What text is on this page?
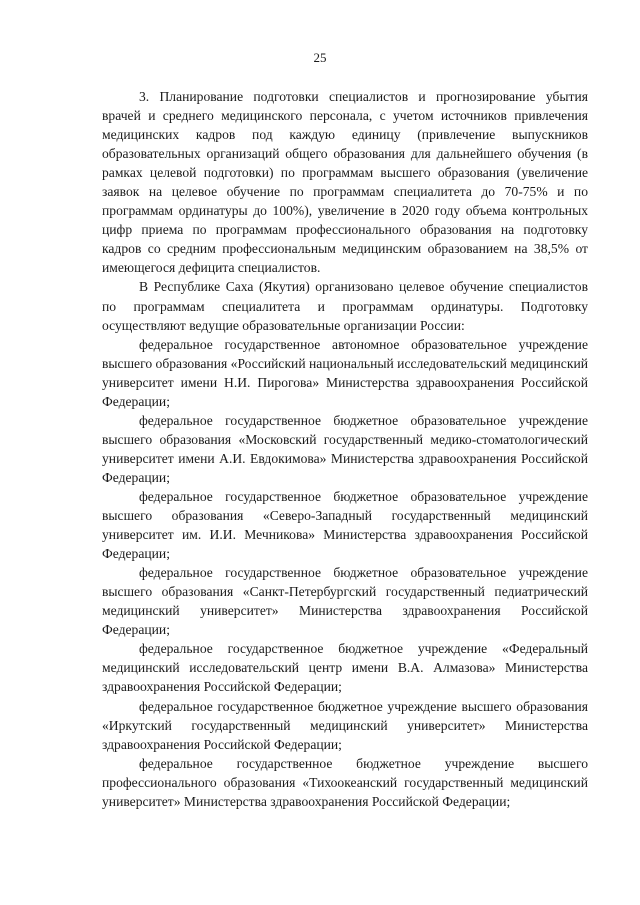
25

3. Планирование подготовки специалистов и прогнозирование убытия врачей и среднего медицинского персонала, с учетом источников привлечения медицинских кадров под каждую единицу (привлечение выпускников образовательных организаций общего образования для дальнейшего обучения (в рамках целевой подготовки) по программам высшего образования (увеличение заявок на целевое обучение по программам специалитета до 70-75% и по программам ординатуры до 100%), увеличение в 2020 году объема контрольных цифр приема по программам профессионального образования на подготовку кадров со средним профессиональным медицинским образованием на 38,5% от имеющегося дефицита специалистов.

В Республике Саха (Якутия) организовано целевое обучение специалистов по программам специалитета и программам ординатуры. Подготовку осуществляют ведущие образовательные организации России:

федеральное государственное автономное образовательное учреждение высшего образования «Российский национальный исследовательский медицинский университет имени Н.И. Пирогова» Министерства здравоохранения Российской Федерации;

федеральное государственное бюджетное образовательное учреждение высшего образования «Московский государственный медико-стоматологический университет имени А.И. Евдокимова» Министерства здравоохранения Российской Федерации;

федеральное государственное бюджетное образовательное учреждение высшего образования «Северо-Западный государственный медицинский университет им. И.И. Мечникова» Министерства здравоохранения Российской Федерации;

федеральное государственное бюджетное образовательное учреждение высшего образования «Санкт-Петербургский государственный педиатрический медицинский университет» Министерства здравоохранения Российской Федерации;

федеральное государственное бюджетное учреждение «Федеральный медицинский исследовательский центр имени В.А. Алмазова» Министерства здравоохранения Российской Федерации;

федеральное государственное бюджетное учреждение высшего образования «Иркутский государственный медицинский университет» Министерства здравоохранения Российской Федерации;

федеральное государственное бюджетное учреждение высшего профессионального образования «Тихоокеанский государственный медицинский университет» Министерства здравоохранения Российской Федерации;
